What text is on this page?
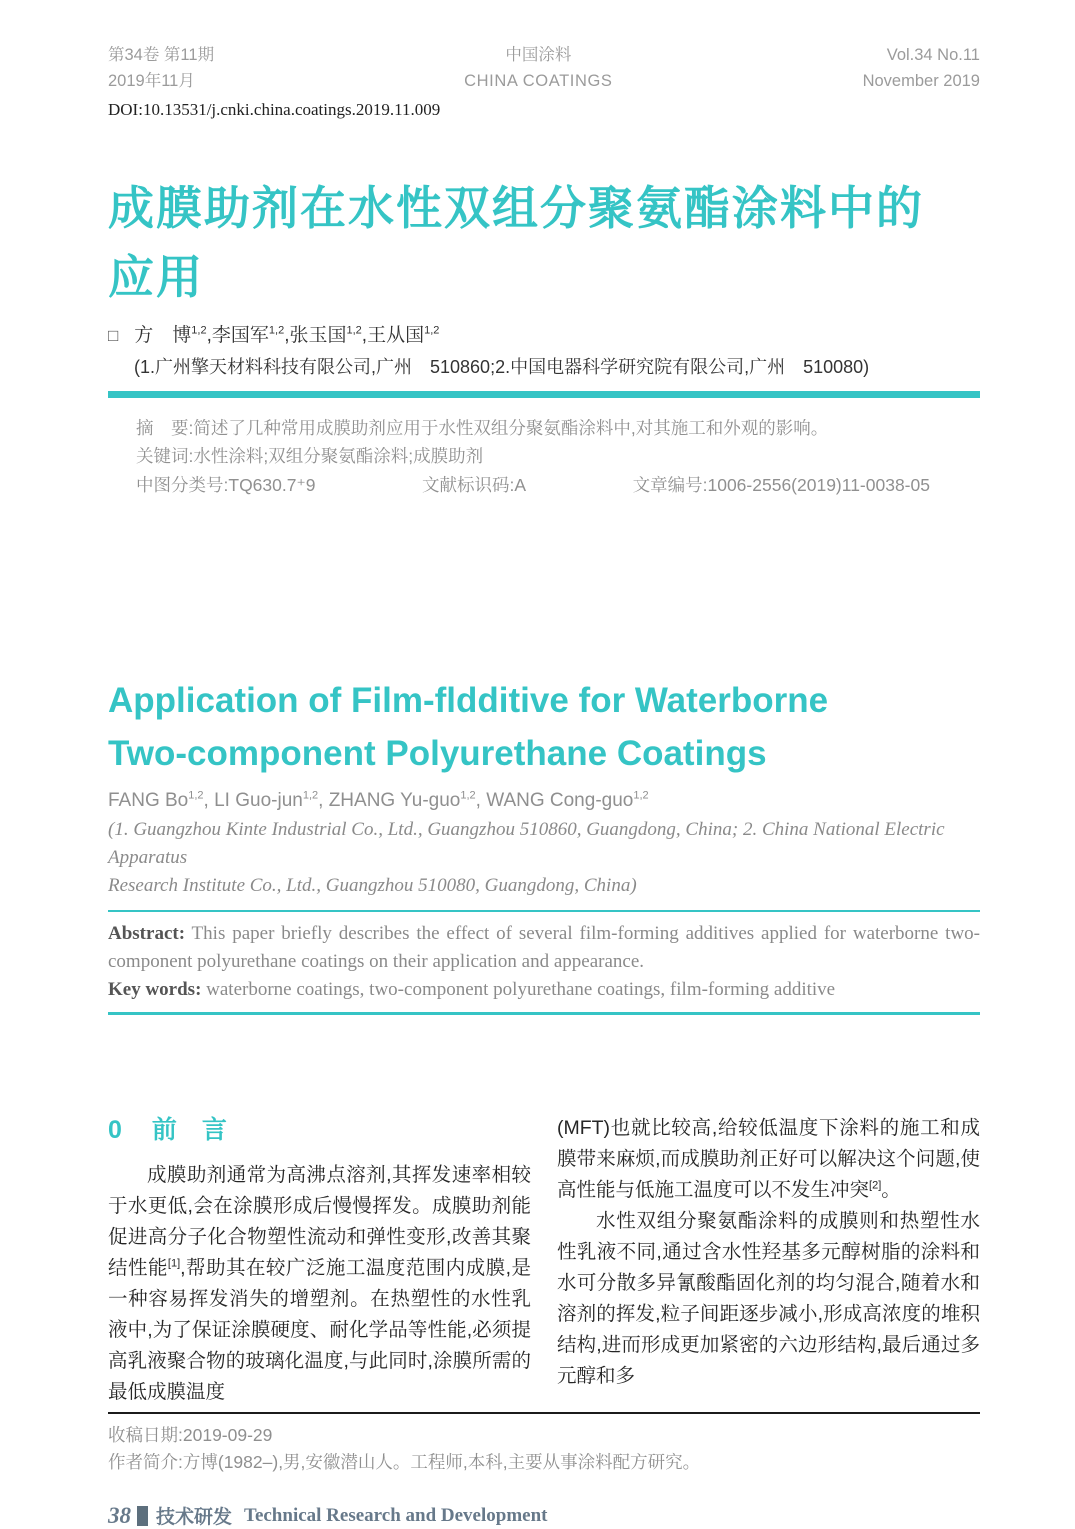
第34卷 第11期
2019年11月
中国涂料
CHINA COATINGS
Vol.34 No.11
November 2019
DOI:10.13531/j.cnki.china.coatings.2019.11.009
成膜助剂在水性双组分聚氨酯涂料中的
应用
□ 方　博$^{1,2}$,李国军$^{1,2}$,张玉国$^{1,2}$,王从国$^{1,2}$
(1.广州擎天材料科技有限公司,广州　510860;2.中国电器科学研究院有限公司,广州　510080)
摘　要:简述了几种常用成膜助剂应用于水性双组分聚氨酯涂料中,对其施工和外观的影响。
关键词:水性涂料;双组分聚氨酯涂料;成膜助剂
中图分类号:TQ630.7⁺9	文献标识码:A	文章编号:1006-2556(2019)11-0038-05
Application of Film-fldditive for Waterborne
Two-component Polyurethane Coatings
FANG Bo$^{1,2}$, LI Guo-jun$^{1,2}$, ZHANG Yu-guo$^{1,2}$, WANG Cong-guo$^{1,2}$
(1. Guangzhou Kinte Industrial Co., Ltd., Guangzhou 510860, Guangdong, China; 2. China National Electric Apparatus
Research Institute Co., Ltd., Guangzhou 510080, Guangdong, China)
Abstract: This paper briefly describes the effect of several film-forming additives applied for waterborne two-component polyurethane coatings on their application and appearance.
Key words: waterborne coatings, two-component polyurethane coatings, film-forming additive
0 前　言

成膜助剂通常为高沸点溶剂,其挥发速率相较于水更低,会在涂膜形成后慢慢挥发。成膜助剂能促进高分子化合物塑性流动和弹性变形,改善其聚结性能[1],帮助其在较广泛施工温度范围内成膜,是一种容易挥发消失的增塑剂。在热塑性的水性乳液中,为了保证涂膜硬度、耐化学品等性能,必须提高乳液聚合物的玻璃化温度,与此同时,涂膜所需的最低成膜温度

(MFT)也就比较高,给较低温度下涂料的施工和成膜带来麻烦,而成膜助剂正好可以解决这个问题,使高性能与低施工温度可以不发生冲突[2]。

水性双组分聚氨酯涂料的成膜则和热塑性水性乳液不同,通过含水性羟基多元醇树脂的涂料和水可分散多异氰酸酯固化剂的均匀混合,随着水和溶剂的挥发,粒子间距逐步减小,形成高浓度的堆积结构,进而形成更加紧密的六边形结构,最后通过多元醇和多

收稿日期:2019-09-29
作者简介:方博(1982–),男,安徽潜山人。工程师,本科,主要从事涂料配方研究。
38 技术研发 Technical Research and Development
